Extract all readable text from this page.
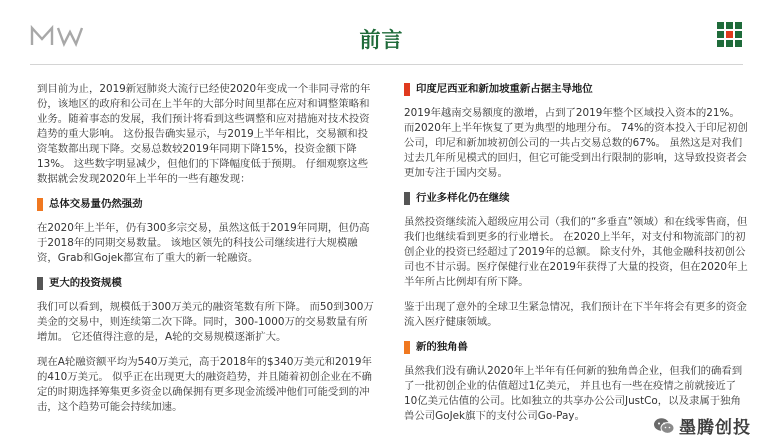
前言

到目前为止，2019新冠肺炎大流行已经使2020年变成一个非同寻常的年份，该地区的政府和公司在上半年的大部分时间里都在应对和调整策略和业务。随着事态的发展，我们预计将看到这些调整和应对措施对技术投资趋势的重大影响。 这份报告确实显示，与2019上半年相比，交易额和投资笔数都出现下降。交易总数较2019年同期下降15%，投资金额下降13%。 这些数字明显减少，但他们的下降幅度低于预期。 仔细观察这些数据就会发现2020年上半年的一些有趣发现：

总体交易量仍然强劲

在2020年上半年，仍有300多宗交易，虽然这低于2019年同期，但仍高于2018年的同期交易数量。 该地区领先的科技公司继续进行大规模融资，Grab和Gojek都宣布了重大的新一轮融资。

更大的投资规模

我们可以看到，规模低于300万美元的融资笔数有所下降。 而50到300万美金的交易中，则连续第二次下降。同时，300-1000万的交易数量有所增加。 它还值得注意的是，A轮的交易规模逐渐扩大。

现在A轮融资额平均为540万美元，高于2018年的$340万美元和2019年的410万美元。 似乎正在出现更大的融资趋势，并且随着初创企业在不确定的时期选择筹集更多资金以确保拥有更多现金流缓冲他们可能受到的冲击，这个趋势可能会持续加速。

印度尼西亚和新加坡重新占据主导地位

2019年越南交易额度的激增，占到了2019年整个区域投入资本的21%。 而2020年上半年恢复了更为典型的地理分布。 74%的资本投入于印尼初创公司，印尼和新加坡初创公司的一共占交易总数的67%。 虽然这是对我们过去几年所见模式的回归，但它可能受到出行限制的影响，这导致投资者会更加专注于国内交易。

行业多样化仍在继续

虽然投资继续流入超级应用公司（我们的“多垂直”领域）和在线零售商，但我们也继续看到更多的行业增长。 在2020上半年，对支付和物流部门的初创企业的投资已经超过了2019年的总额。 除支付外，其他金融科技初创公司也不甘示弱。医疗保健行业在2019年获得了大量的投资，但在2020年上半年所占比例却有所下降。

鉴于出现了意外的全球卫生紧急情况，我们预计在下半年将会有更多的资金流入医疗健康领域。

新的独角兽

虽然我们没有确认2020年上半年有任何新的独角兽企业，但我们的确看到了一批初创企业的估值超过1亿美元， 并且也有一些在疫情之前就接近了10亿美元估值的公司。比如独立的共享办公公司JustCo，以及隶属于独角兽公司GoJek旗下的支付公司Go-Pay。

墨腾创投
